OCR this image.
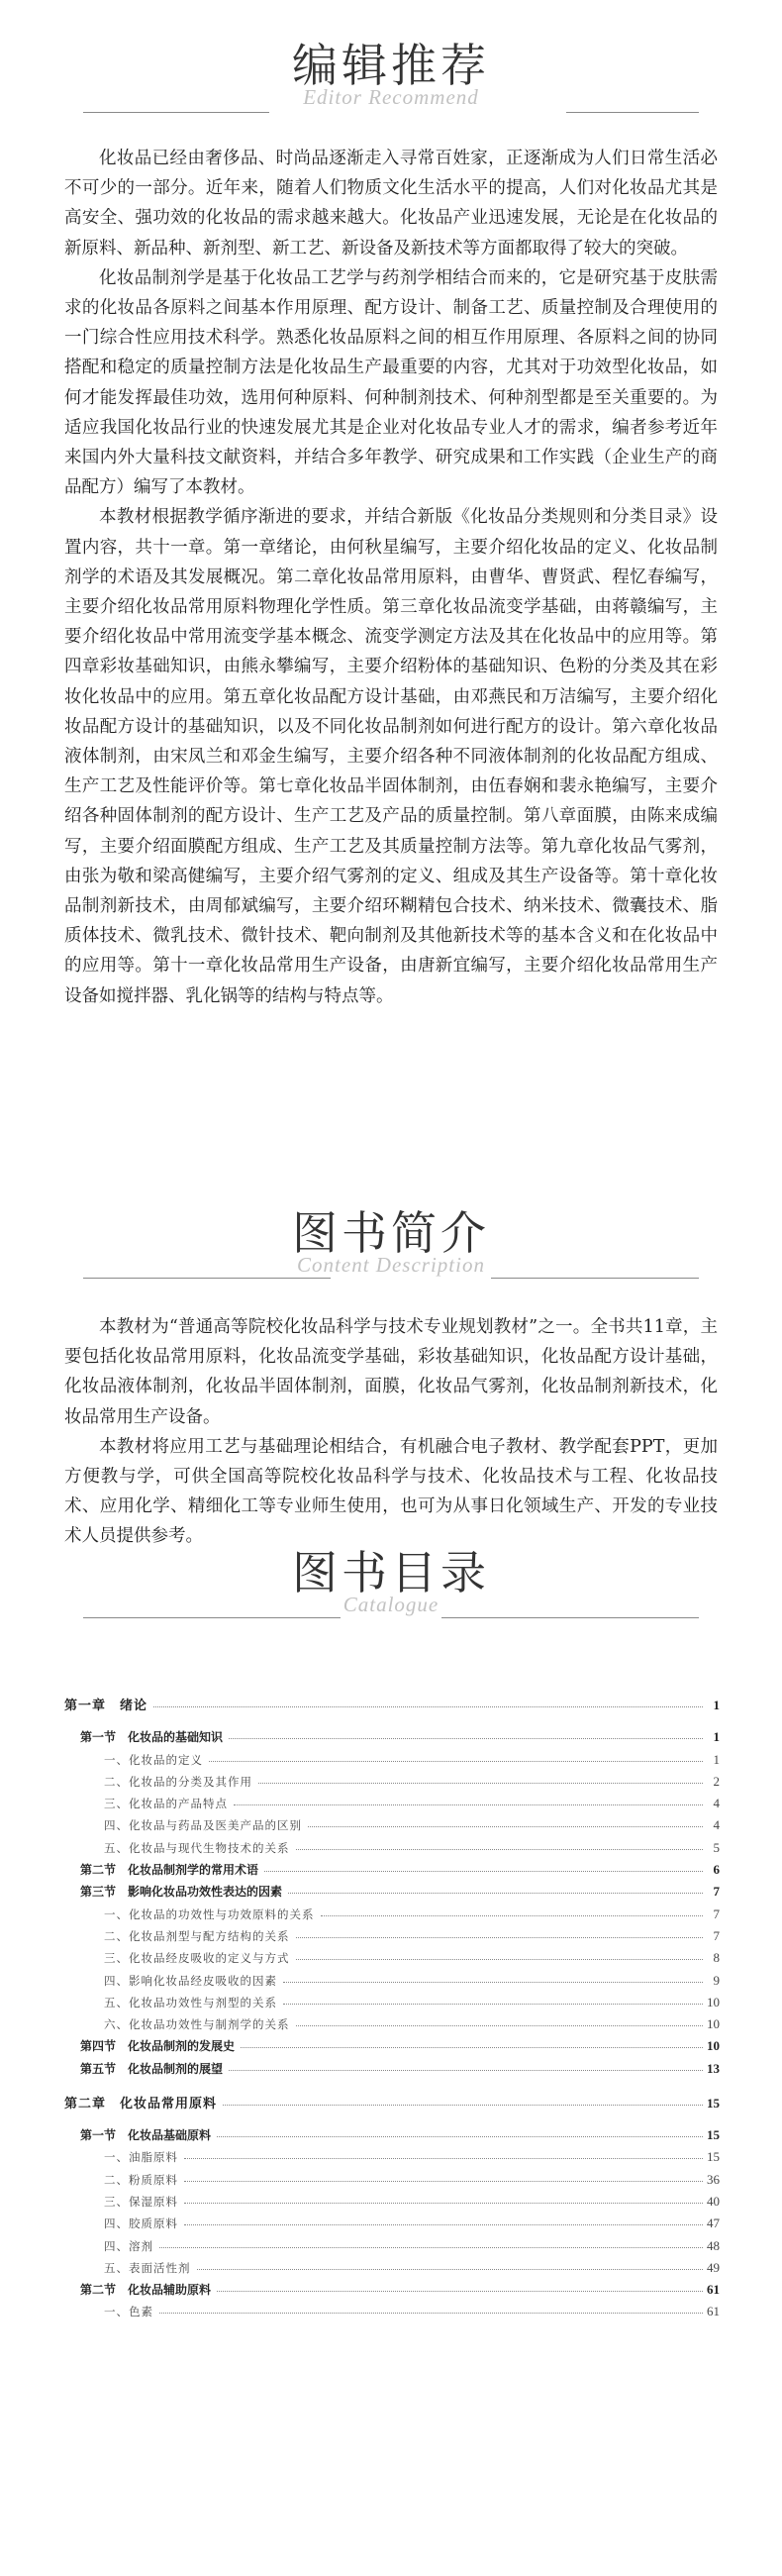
编辑推荐
Editor Recommend

化妆品已经由奢侈品、时尚品逐渐走入寻常百姓家，正逐渐成为人们日常生活必不可少的一部分。近年来，随着人们物质文化生活水平的提高，人们对化妆品尤其是高安全、强功效的化妆品的需求越来越大。化妆品产业迅速发展，无论是在化妆品的新原料、新品种、新剂型、新工艺、新设备及新技术等方面都取得了较大的突破。

化妆品制剂学是基于化妆品工艺学与药剂学相结合而来的，它是研究基于皮肤需求的化妆品各原料之间基本作用原理、配方设计、制备工艺、质量控制及合理使用的一门综合性应用技术科学。熟悉化妆品原料之间的相互作用原理、各原料之间的协同搭配和稳定的质量控制方法是化妆品生产最重要的内容，尤其对于功效型化妆品，如何才能发挥最佳功效，选用何种原料、何种制剂技术、何种剂型都是至关重要的。为适应我国化妆品行业的快速发展尤其是企业对化妆品专业人才的需求，编者参考近年来国内外大量科技文献资料，并结合多年教学、研究成果和工作实践（企业生产的商品配方）编写了本教材。

本教材根据教学循序渐进的要求，并结合新版《化妆品分类规则和分类目录》设置内容，共十一章。第一章绪论，由何秋星编写，主要介绍化妆品的定义、化妆品制剂学的术语及其发展概况。第二章化妆品常用原料，由曹华、曹贤武、程忆春编写，主要介绍化妆品常用原料物理化学性质。第三章化妆品流变学基础，由蒋赣编写，主要介绍化妆品中常用流变学基本概念、流变学测定方法及其在化妆品中的应用等。第四章彩妆基础知识，由熊永攀编写，主要介绍粉体的基础知识、色粉的分类及其在彩妆化妆品中的应用。第五章化妆品配方设计基础，由邓燕民和万洁编写，主要介绍化妆品配方设计的基础知识，以及不同化妆品制剂如何进行配方的设计。第六章化妆品液体制剂，由宋凤兰和邓金生编写，主要介绍各种不同液体制剂的化妆品配方组成、生产工艺及性能评价等。第七章化妆品半固体制剂，由伍春娴和裴永艳编写，主要介绍各种固体制剂的配方设计、生产工艺及产品的质量控制。第八章面膜，由陈来成编写，主要介绍面膜配方组成、生产工艺及其质量控制方法等。第九章化妆品气雾剂，由张为敬和梁高健编写，主要介绍气雾剂的定义、组成及其生产设备等。第十章化妆品制剂新技术，由周郁斌编写，主要介绍环糊精包合技术、纳米技术、微囊技术、脂质体技术、微乳技术、微针技术、靶向制剂及其他新技术等的基本含义和在化妆品中的应用等。第十一章化妆品常用生产设备，由唐新宜编写，主要介绍化妆品常用生产设备如搅拌器、乳化锅等的结构与特点等。

图书简介
Content Description

本教材为“普通高等院校化妆品科学与技术专业规划教材”之一。全书共11章，主要包括化妆品常用原料，化妆品流变学基础，彩妆基础知识，化妆品配方设计基础，化妆品液体制剂，化妆品半固体制剂，面膜，化妆品气雾剂，化妆品制剂新技术，化妆品常用生产设备。

本教材将应用工艺与基础理论相结合，有机融合电子教材、教学配套PPT，更加方便教与学，可供全国高等院校化妆品科学与技术、化妆品技术与工程、化妆品技术、应用化学、精细化工等专业师生使用，也可为从事日化领域生产、开发的专业技术人员提供参考。

图书目录
Catalogue
第一章　绪论	1
第一节　化妆品的基础知识	1
一、化妆品的定义	1
二、化妆品的分类及其作用	2
三、化妆品的产品特点	4
四、化妆品与药品及医美产品的区别	4
五、化妆品与现代生物技术的关系	5
第二节　化妆品制剂学的常用术语	6
第三节　影响化妆品功效性表达的因素	7
一、化妆品的功效性与功效原料的关系	7
二、化妆品剂型与配方结构的关系	7
三、化妆品经皮吸收的定义与方式	8
四、影响化妆品经皮吸收的因素	9
五、化妆品功效性与剂型的关系	10
六、化妆品功效性与制剂学的关系	10
第四节　化妆品制剂的发展史	10
第五节　化妆品制剂的展望	13
第二章　化妆品常用原料	15
第一节　化妆品基础原料	15
一、油脂原料	15
二、粉质原料	36
三、保湿原料	40
四、胶质原料	47
四、溶剂	48
五、表面活性剂	49
第二节　化妆品辅助原料	61
一、色素	61
